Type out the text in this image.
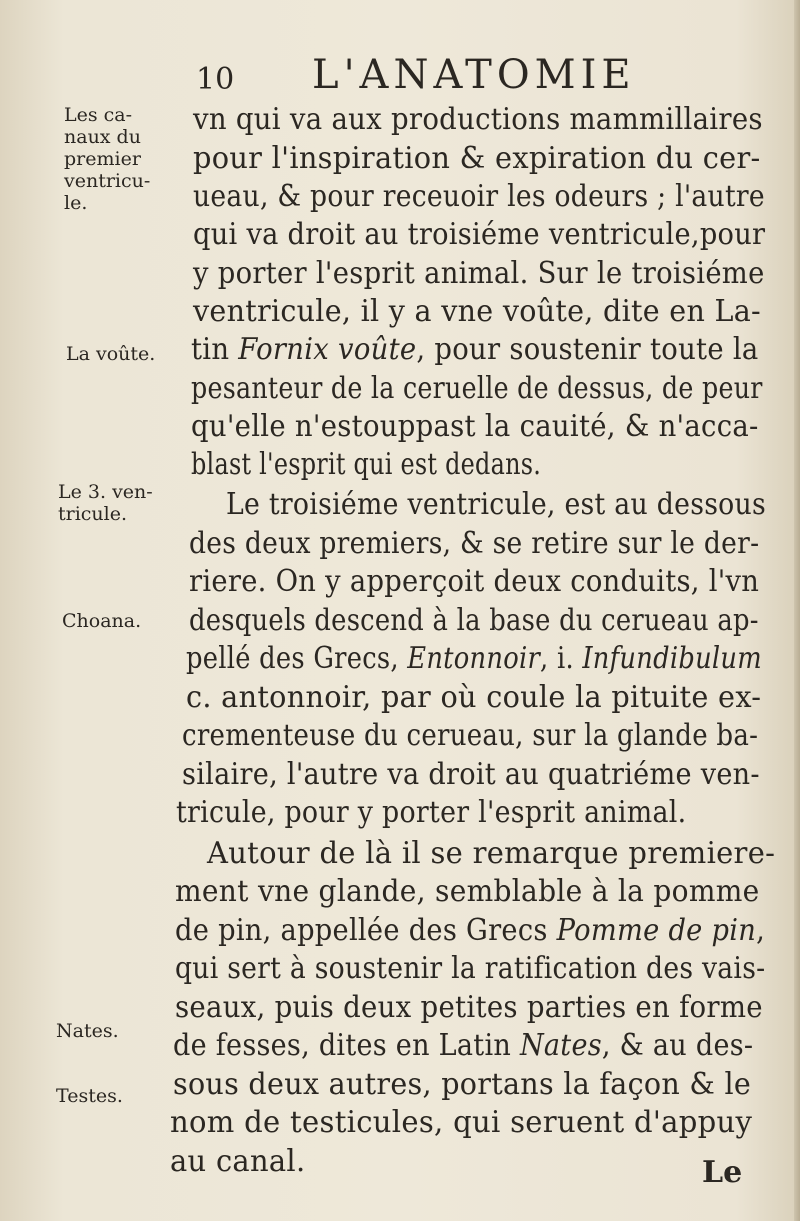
10 L'ANATOMIE
vn qui va aux productions mammillaires
pour l'inspiration & expiration du cer-
ueau, & pour receuoir les odeurs ; l'autre
qui va droit au troisiéme ventricule,pour
y porter l'esprit animal. Sur le troisiéme
ventricule, il y a vne voûte, dite en La-
tin Fornix voûte, pour soustenir toute la
pesanteur de la ceruelle de dessus, de peur
qu'elle n'estouppast la cauité, & n'acca-
blast l'esprit qui est dedans.
Le troisiéme ventricule, est au dessous
des deux premiers, & se retire sur le der-
riere. On y apperçoit deux conduits, l'vn
desquels descend à la base du cerueau ap-
pellé des Grecs, Entonnoir, i. Infundibulum
c. antonnoir, par où coule la pituite ex-
crementeuse du cerueau, sur la glande ba-
silaire, l'autre va droit au quatriéme ven-
tricule, pour y porter l'esprit animal.
Autour de là il se remarque premiere-
ment vne glande, semblable à la pomme
de pin, appellée des Grecs Pomme de pin,
qui sert à soustenir la ratification des vais-
seaux, puis deux petites parties en forme
de fesses, dites en Latin Nates, & au des-
sous deux autres, portans la façon & le
nom de testicules, qui seruent d'appuy
au canal.
Les ca-
naux du
premier
ventricu-
le.
La voûte.
Le 3. ven-
tricule.
Choana.
Nates.
Testes.
Le
